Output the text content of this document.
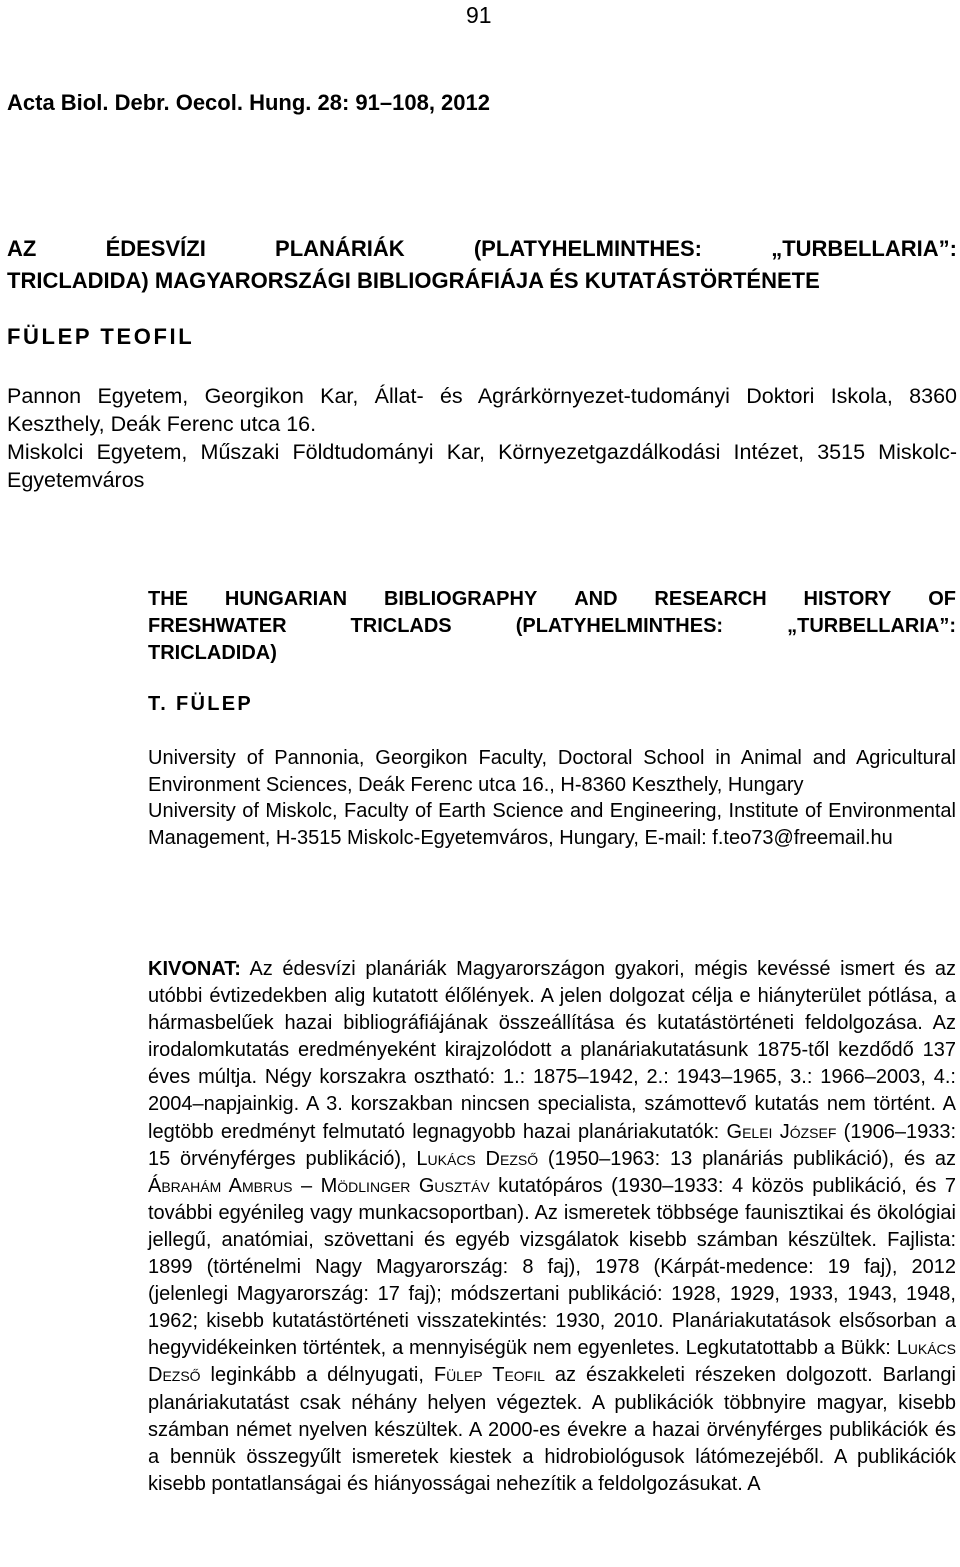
91
Acta Biol. Debr. Oecol. Hung. 28: 91–108, 2012
AZ	ÉDESVÍZI	PLANÁRIÁK	(PLATYHELMINTHES:	„TURBELLARIA”:
TRICLADIDA) MAGYARORSZÁGI BIBLIOGRÁFIÁJA ÉS KUTATÁSTÖRTÉNETE
FÜLEP TEOFIL

Pannon Egyetem, Georgikon Kar, Állat- és Agrárkörnyezet-tudományi Doktori Iskola, 8360 Keszthely, Deák Ferenc utca 16.

Miskolci Egyetem, Műszaki Földtudományi Kar, Környezetgazdálkodási Intézet, 3515 Miskolc-Egyetemváros

THE HUNGARIAN BIBLIOGRAPHY AND RESEARCH HISTORY OF
FRESHWATER	TRICLADS	(PLATYHELMINTHES:	„TURBELLARIA”:
TRICLADIDA)
T. FÜLEP

University of Pannonia, Georgikon Faculty, Doctoral School in Animal and Agricultural Environment Sciences, Deák Ferenc utca 16., H-8360 Keszthely, Hungary

University of Miskolc, Faculty of Earth Science and Engineering, Institute of Environmental Management, H-3515 Miskolc-Egyetemváros, Hungary, E-mail: f.teo73@freemail.hu

KIVONAT: Az édesvízi planáriák Magyarországon gyakori, mégis kevéssé ismert és az utóbbi évtizedekben alig kutatott élőlények. A jelen dolgozat célja e hiányterület pótlása, a hármasbelűek hazai bibliográfiájának összeállítása és kutatástörténeti feldolgozása. Az irodalomkutatás eredményeként kirajzolódott a planáriakutatásunk 1875-től kezdődő 137 éves múltja. Négy korszakra osztható: 1.: 1875–1942, 2.: 1943–1965, 3.: 1966–2003, 4.: 2004–napjainkig. A 3. korszakban nincsen specialista, számottevő kutatás nem történt. A legtöbb eredményt felmutató legnagyobb hazai planáriakutatók: Gelei József (1906–1933: 15 örvényférges publikáció), Lukács Dezső (1950–1963: 13 planáriás publikáció), és az Ábrahám Ambrus – Mödlinger Gusztáv kutatópáros (1930–1933: 4 közös publikáció, és 7 további egyénileg vagy munkacsoportban). Az ismeretek többsége faunisztikai és ökológiai jellegű, anatómiai, szövettani és egyéb vizsgálatok kisebb számban készültek. Fajlista: 1899 (történelmi Nagy Magyarország: 8 faj), 1978 (Kárpát-medence: 19 faj), 2012 (jelenlegi Magyarország: 17 faj); módszertani publikáció: 1928, 1929, 1933, 1943, 1948, 1962; kisebb kutatástörténeti visszatekintés: 1930, 2010. Planáriakutatások elsősorban a hegyvidékeinken történtek, a mennyiségük nem egyenletes. Legkutatottabb a Bükk: Lukács Dezső leginkább a délnyugati, Fülep Teofil az északkeleti részeken dolgozott. Barlangi planáriakutatást csak néhány helyen végeztek. A publikációk többnyire magyar, kisebb számban német nyelven készültek. A 2000-es évekre a hazai örvényférges publikációk és a bennük összegyűlt ismeretek kiestek a hidrobiológusok látómezejéből. A publikációk kisebb pontatlanságai és hiányosságai nehezítik a feldolgozásukat. A
